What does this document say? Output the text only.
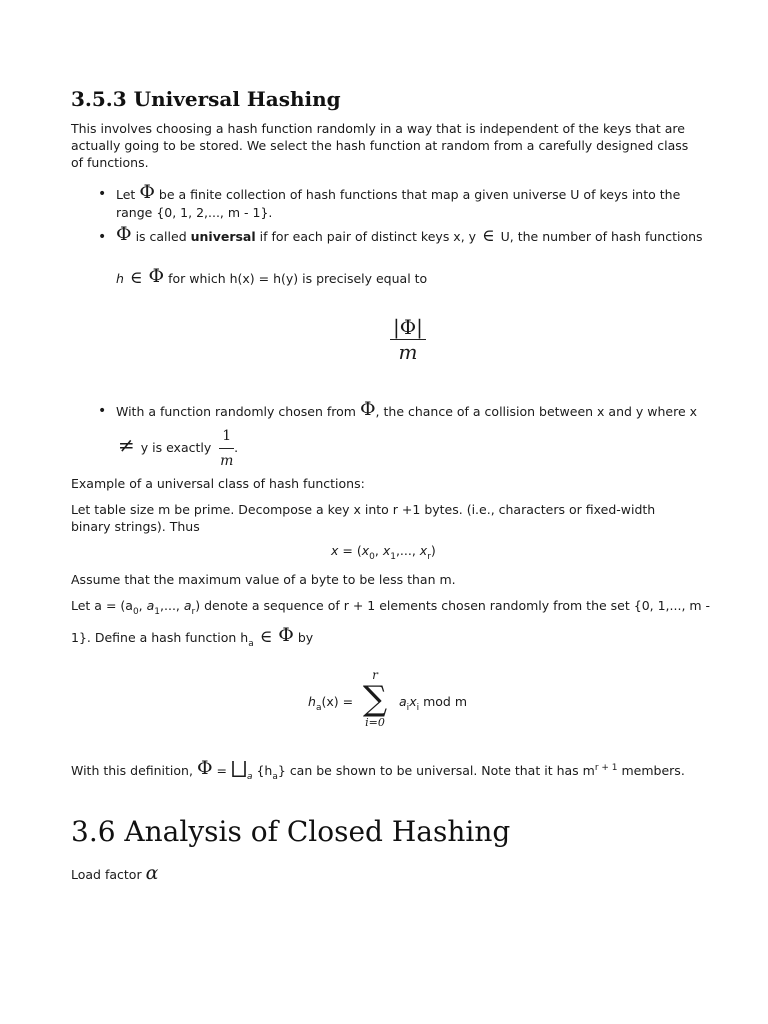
3.5.3 Universal Hashing
This involves choosing a hash function randomly in a way that is independent of the keys that are actually going to be stored. We select the hash function at random from a carefully designed class of functions.
• Let Φ be a finite collection of hash functions that map a given universe U of keys into the
range {0, 1, 2,..., m - 1}.
• Φ is called universal if for each pair of distinct keys x, y ∈ U, the number of hash functions
h ∈ Φ for which h(x) = h(y) is precisely equal to
$\frac{|\Phi|}{m}$
• With a function randomly chosen from Φ, the chance of a collision between x and y where x
≠ y is exactly $\frac{1}{m}$ .
Example of a universal class of hash functions:
Let table size m be prime. Decompose a key x into r +1 bytes. (i.e., characters or fixed-width binary strings). Thus
$x = (x_0$, $x_1$,..., $x_r$)
Assume that the maximum value of a byte to be less than m.
Let $a = (a_0$, $a_1$,..., $a_r$) denote a sequence of r + 1 elements chosen randomly from the set {0, 1,..., m -
1}. Define a hash function $h_a$ ∈ Φ by
$h_a(x)$ =
r
∑
i=0
$a_ix_i$ mod m
With this definition, $\Phi = ⨆_a$ $\{h_a\}$ can be shown to be universal. Note that it has $m^{r + 1}$ members.
3.6 Analysis of Closed Hashing
Load factor α
